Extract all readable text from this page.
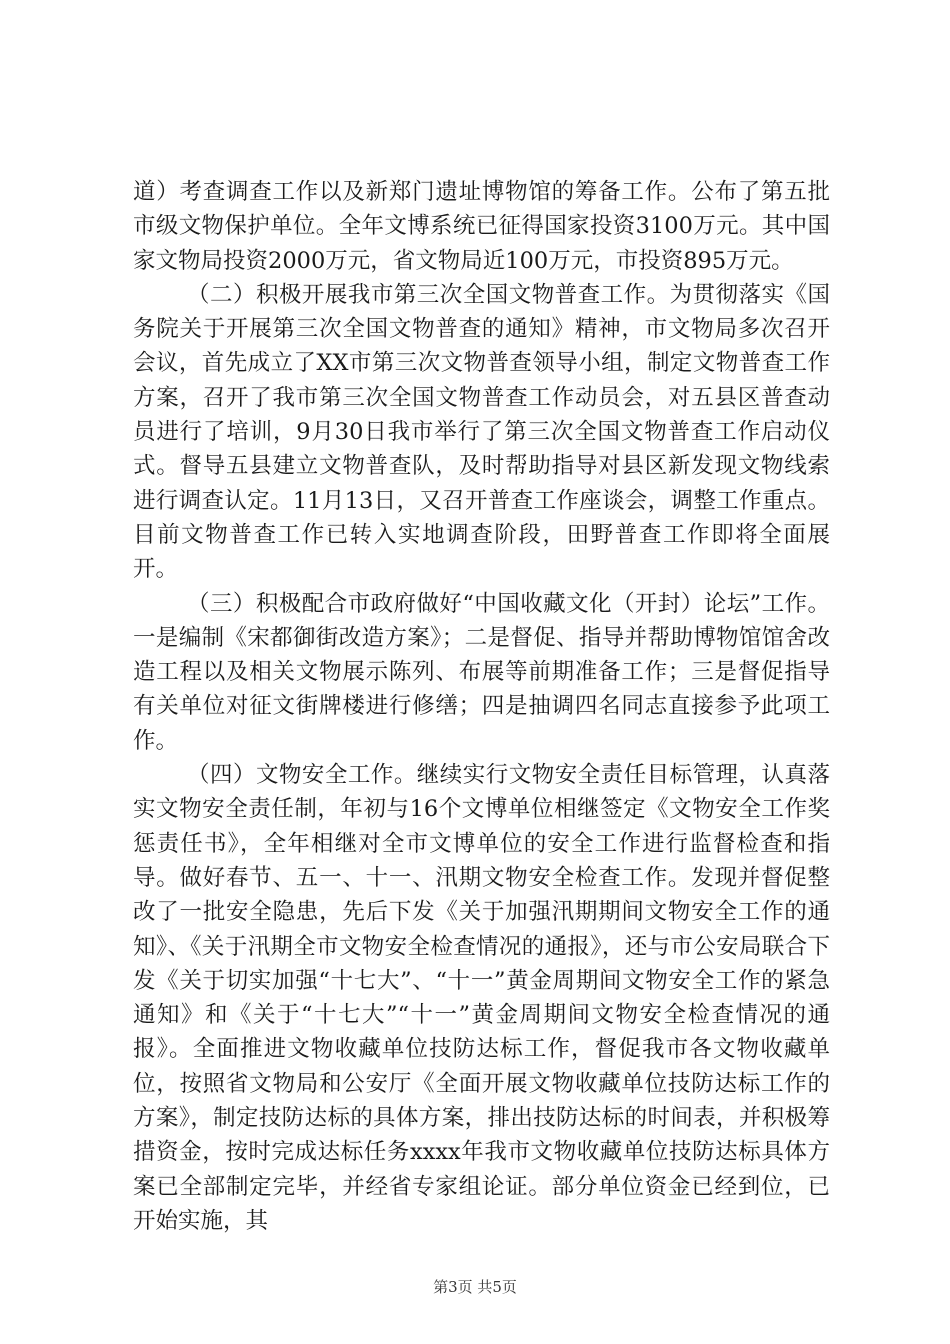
道）考查调查工作以及新郑门遗址博物馆的筹备工作。公布了第五批市级文物保护单位。全年文博系统已征得国家投资3100万元。其中国家文物局投资2000万元，省文物局近100万元，市投资895万元。

（二）积极开展我市第三次全国文物普查工作。为贯彻落实《国务院关于开展第三次全国文物普查的通知》精神，市文物局多次召开会议，首先成立了XX市第三次文物普查领导小组，制定文物普查工作方案，召开了我市第三次全国文物普查工作动员会，对五县区普查动员进行了培训，9月30日我市举行了第三次全国文物普查工作启动仪式。督导五县建立文物普查队，及时帮助指导对县区新发现文物线索进行调查认定。11月13日，又召开普查工作座谈会，调整工作重点。目前文物普查工作已转入实地调查阶段，田野普查工作即将全面展开。

（三）积极配合市政府做好“中国收藏文化（开封）论坛”工作。一是编制《宋都御街改造方案》；二是督促、指导并帮助博物馆馆舍改造工程以及相关文物展示陈列、布展等前期准备工作；三是督促指导有关单位对征文街牌楼进行修缮；四是抽调四名同志直接参予此项工作。

（四）文物安全工作。继续实行文物安全责任目标管理，认真落实文物安全责任制，年初与16个文博单位相继签定《文物安全工作奖惩责任书》，全年相继对全市文博单位的安全工作进行监督检查和指导。做好春节、五一、十一、汛期文物安全检查工作。发现并督促整改了一批安全隐患，先后下发《关于加强汛期期间文物安全工作的通知》、《关于汛期全市文物安全检查情况的通报》，还与市公安局联合下发《关于切实加强“十七大”、“十一”黄金周期间文物安全工作的紧急通知》和《关于“十七大”“十一”黄金周期间文物安全检查情况的通报》。全面推进文物收藏单位技防达标工作，督促我市各文物收藏单位，按照省文物局和公安厅《全面开展文物收藏单位技防达标工作的方案》，制定技防达标的具体方案，排出技防达标的时间表，并积极筹措资金，按时完成达标任务xxxx年我市文物收藏单位技防达标具体方案已全部制定完毕，并经省专家组论证。部分单位资金已经到位，已开始实施，其

第3页 共5页
